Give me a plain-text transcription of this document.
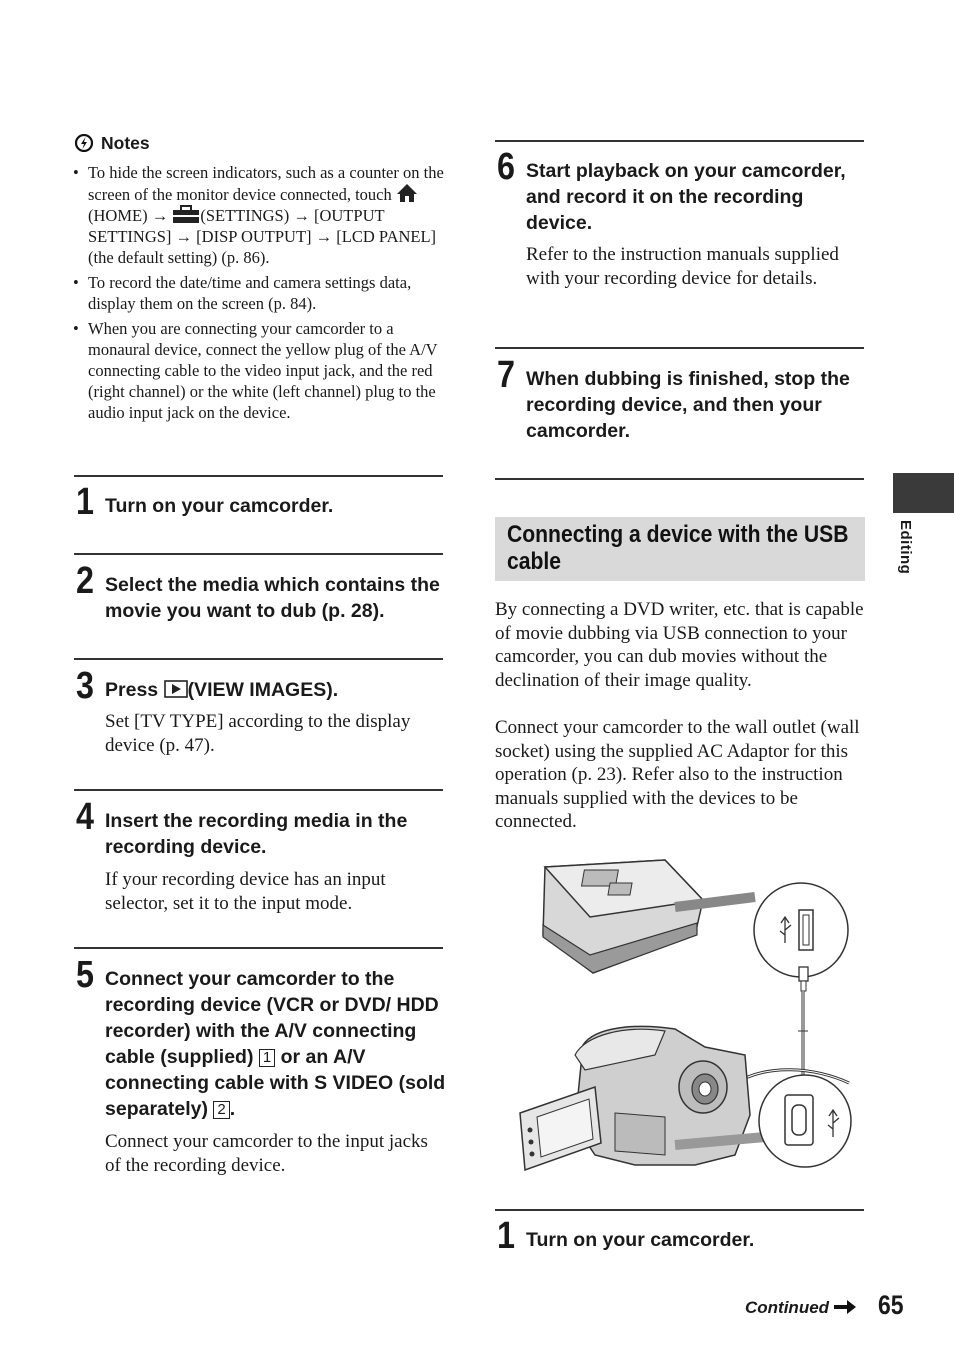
Notes
• To hide the screen indicators, such as a counter on the screen of the monitor device connected, touch (HOME) → (SETTINGS) → [OUTPUT SETTINGS] → [DISP OUTPUT] → [LCD PANEL] (the default setting) (p. 86).
• To record the date/time and camera settings data, display them on the screen (p. 84).
• When you are connecting your camcorder to a monaural device, connect the yellow plug of the A/V connecting cable to the video input jack, and the red (right channel) or the white (left channel) plug to the audio input jack on the device.
1 Turn on your camcorder.
2 Select the media which contains the movie you want to dub (p. 28).
3 Press (VIEW IMAGES).
Set [TV TYPE] according to the display device (p. 47).
4 Insert the recording media in the recording device.
If your recording device has an input selector, set it to the input mode.
5 Connect your camcorder to the recording device (VCR or DVD/ HDD recorder) with the A/V connecting cable (supplied) 1 or an A/V connecting cable with S VIDEO (sold separately) 2 .
Connect your camcorder to the input jacks of the recording device.
6 Start playback on your camcorder, and record it on the recording device.
Refer to the instruction manuals supplied with your recording device for details.
7 When dubbing is finished, stop the recording device, and then your camcorder.
Connecting a device with the USB cable
By connecting a DVD writer, etc. that is capable of movie dubbing via USB connection to your camcorder, you can dub movies without the declination of their image quality.
Connect your camcorder to the wall outlet (wall socket) using the supplied AC Adaptor for this operation (p. 23). Refer also to the instruction manuals supplied with the devices to be connected.
1 Turn on your camcorder.
Editing
Continued	65
